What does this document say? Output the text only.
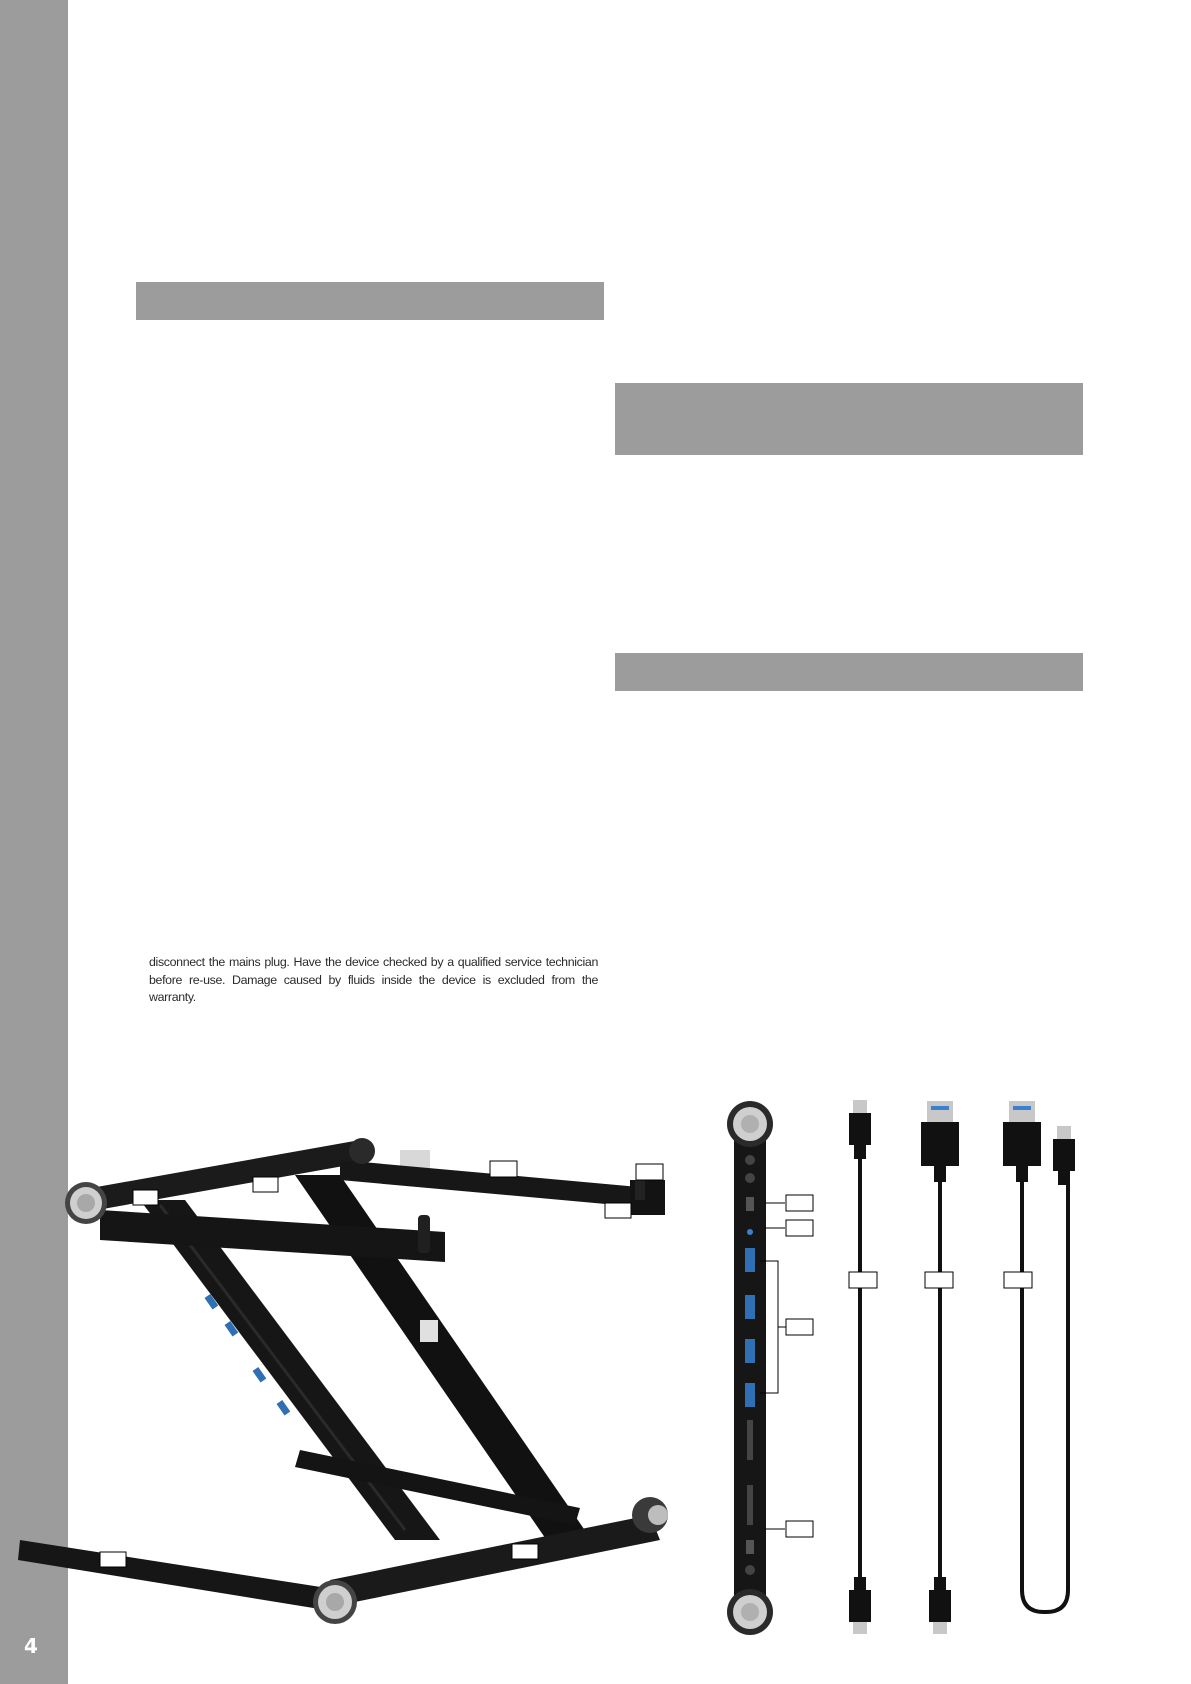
4
disconnect the mains plug. Have the device checked by a qualified service technician
before re-use. Damage caused by fluids inside the device is excluded from the warranty.
